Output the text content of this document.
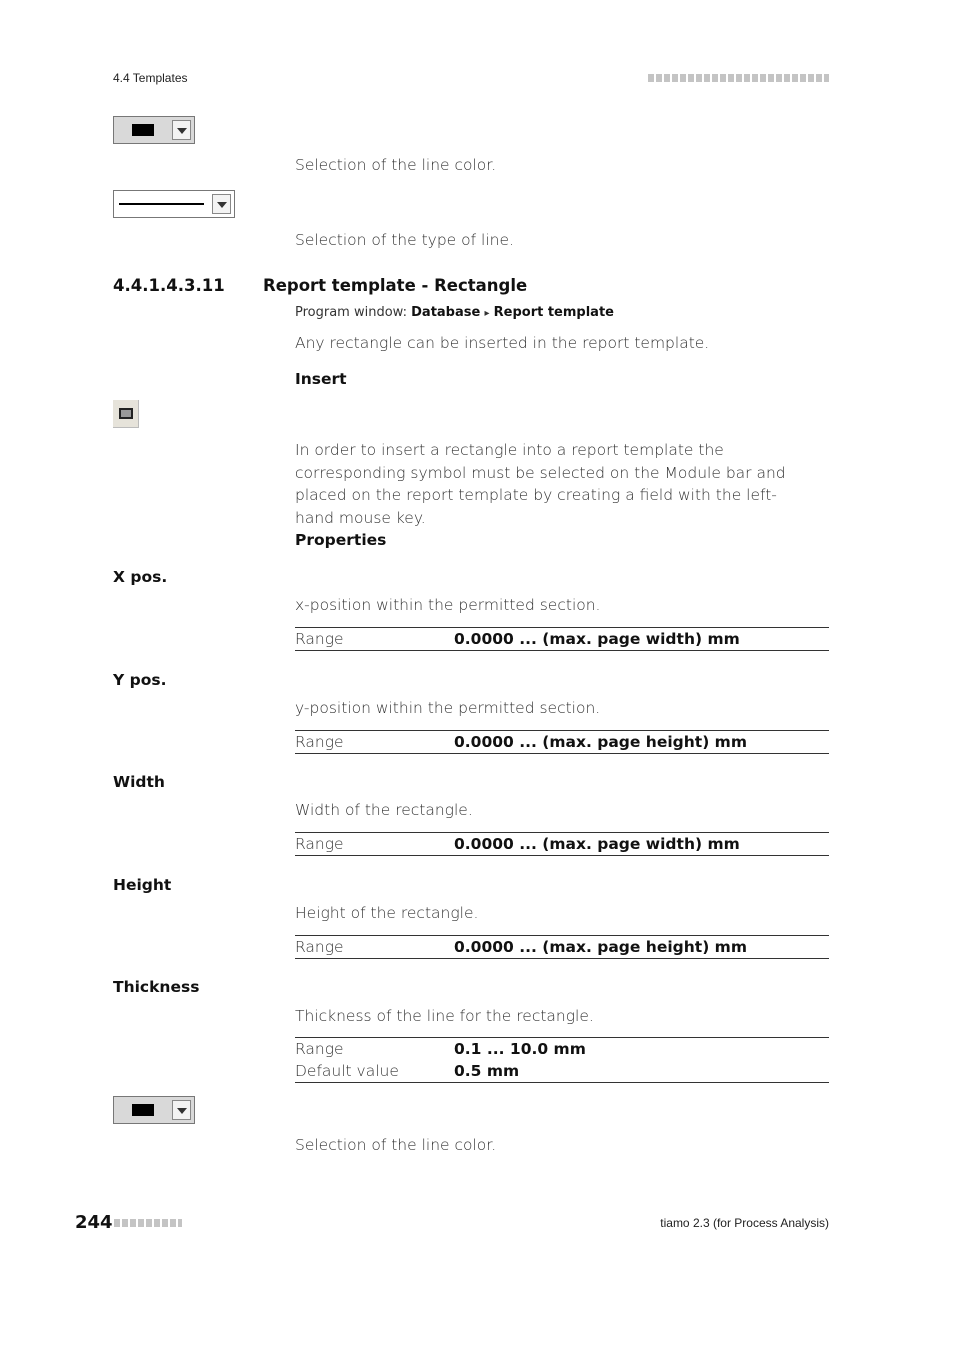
4.4 Templates
Selection of the line color.
Selection of the type of line.
4.4.1.4.3.11 Report template - Rectangle
Program window: Database ▸ Report template
Any rectangle can be inserted in the report template.
Insert
In order to insert a rectangle into a report template the corresponding symbol must be selected on the Module bar and placed on the report template by creating a field with the left-hand mouse key.
Properties
X pos.
x-position within the permitted section.
Range	0.0000 ... (max. page width) mm
Y pos.
y-position within the permitted section.
Range	0.0000 ... (max. page height) mm
Width
Width of the rectangle.
Range	0.0000 ... (max. page width) mm
Height
Height of the rectangle.
Range	0.0000 ... (max. page height) mm
Thickness
Thickness of the line for the rectangle.
Range	0.1 ... 10.0 mm
Default value	0.5 mm
Selection of the line color.
244	tiamo 2.3 (for Process Analysis)
